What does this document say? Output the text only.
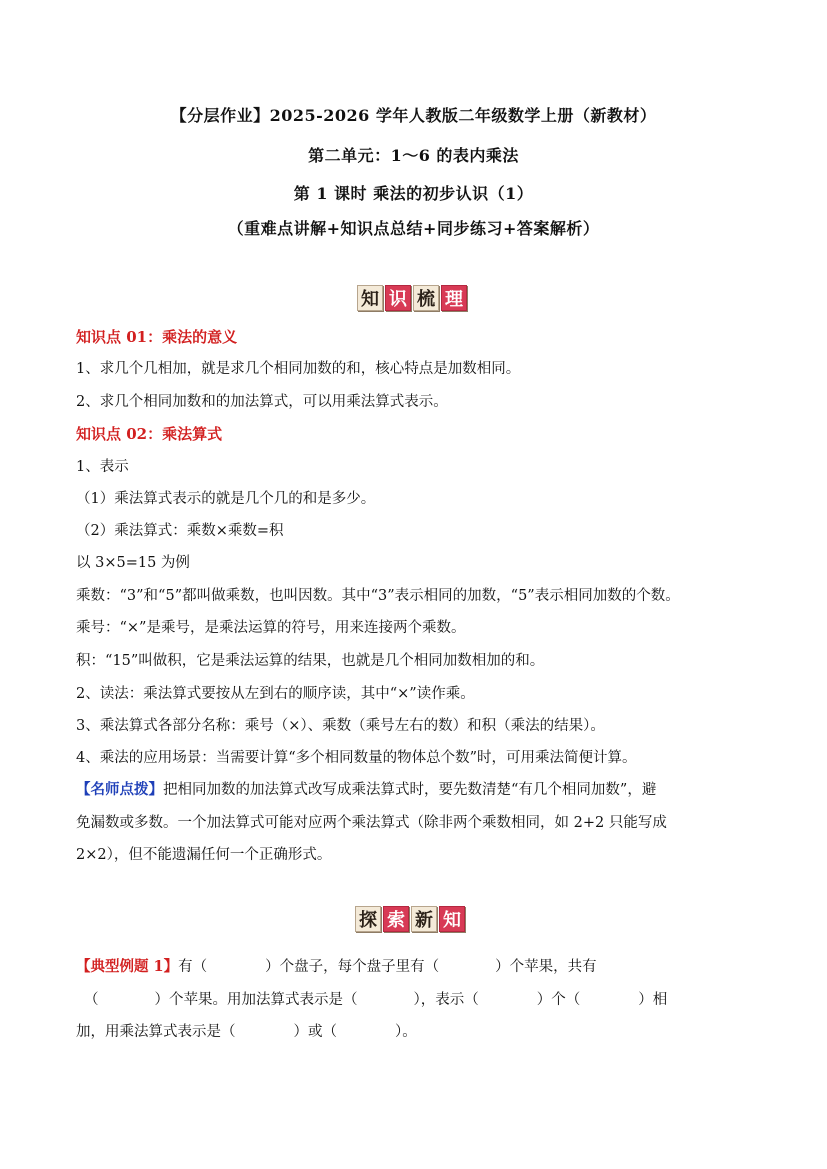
【分层作业】2025-2026 学年人教版二年级数学上册（新教材）
第二单元：1～6 的表内乘法
第 1 课时 乘法的初步认识（1）
（重难点讲解+知识点总结+同步练习+答案解析）
知 识 梳 理
知识点 01：乘法的意义
1、求几个几相加，就是求几个相同加数的和，核心特点是加数相同。
2、求几个相同加数和的加法算式，可以用乘法算式表示。
知识点 02：乘法算式
1、表示
（1）乘法算式表示的就是几个几的和是多少。
（2）乘法算式：乘数×乘数=积
以 3×5=15 为例
乘数：“3”和“5”都叫做乘数，也叫因数。其中“3”表示相同的加数，“5”表示相同加数的个数。
乘号：“×”是乘号，是乘法运算的符号，用来连接两个乘数。
积：“15”叫做积，它是乘法运算的结果，也就是几个相同加数相加的和。
2、读法：乘法算式要按从左到右的顺序读，其中“×”读作乘。
3、乘法算式各部分名称：乘号（×）、乘数（乘号左右的数）和积（乘法的结果）。
4、乘法的应用场景：当需要计算“多个相同数量的物体总个数”时，可用乘法简便计算。
【名师点拨】把相同加数的加法算式改写成乘法算式时，要先数清楚“有几个相同加数”，避
免漏数或多数。一个加法算式可能对应两个乘法算式（除非两个乘数相同，如 2+2 只能写成
2×2），但不能遗漏任何一个正确形式。
探 索 新 知
【典型例题 1】有（	）个盘子，每个盘子里有（	）个苹果，共有
（	）个苹果。用加法算式表示是（	），表示（	）个（	）相
加，用乘法算式表示是（	）或（	）。
